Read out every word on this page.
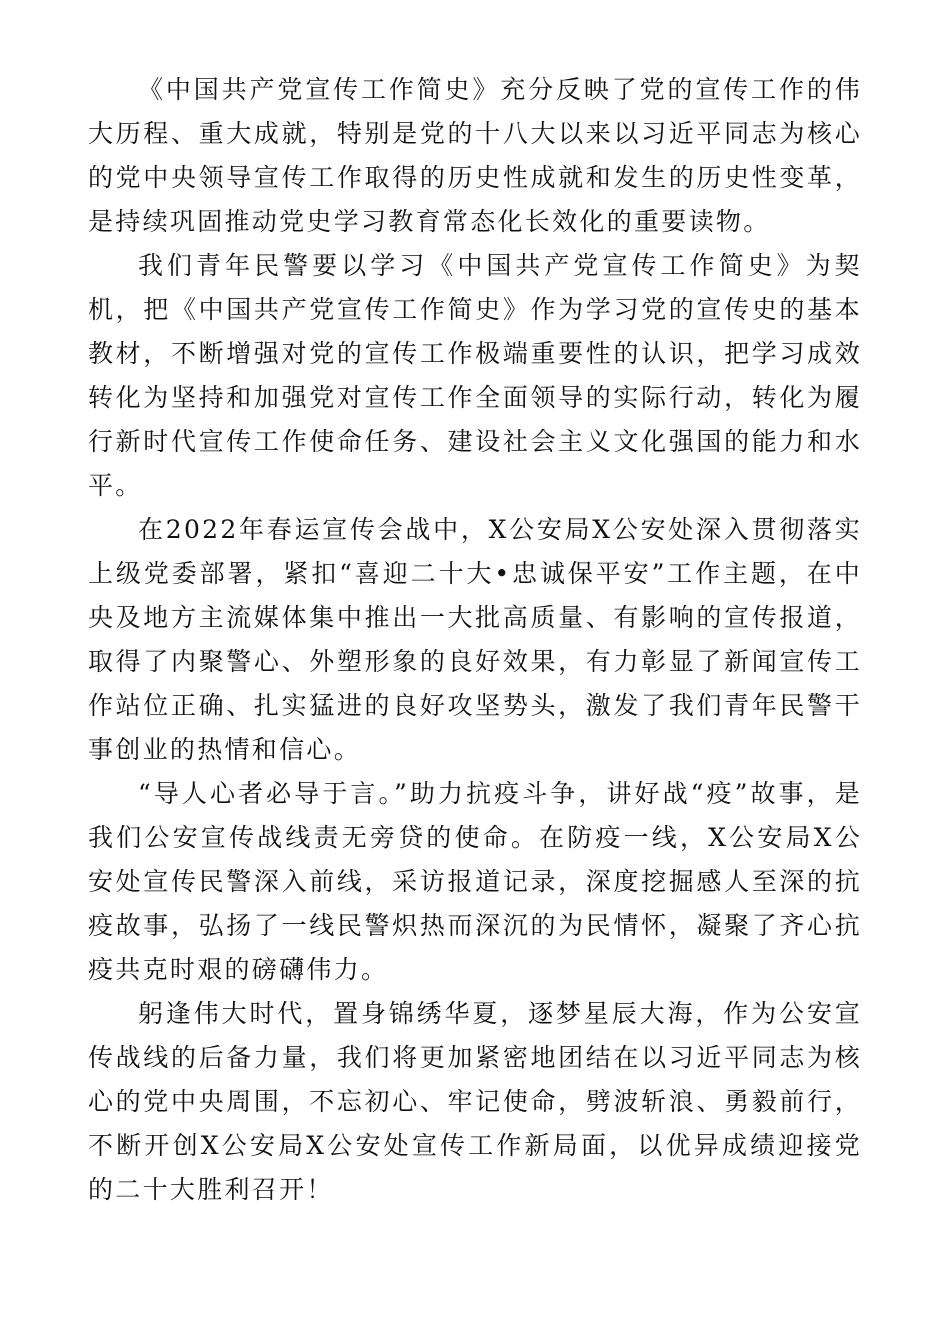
《中国共产党宣传工作简史》充分反映了党的宣传工作的伟大历程、重大成就，特别是党的十八大以来以习近平同志为核心的党中央领导宣传工作取得的历史性成就和发生的历史性变革，是持续巩固推动党史学习教育常态化长效化的重要读物。

我们青年民警要以学习《中国共产党宣传工作简史》为契机，把《中国共产党宣传工作简史》作为学习党的宣传史的基本教材，不断增强对党的宣传工作极端重要性的认识，把学习成效转化为坚持和加强党对宣传工作全面领导的实际行动，转化为履行新时代宣传工作使命任务、建设社会主义文化强国的能力和水平。

在2022年春运宣传会战中，X公安局X公安处深入贯彻落实上级党委部署，紧扣“喜迎二十大•忠诚保平安”工作主题，在中央及地方主流媒体集中推出一大批高质量、有影响的宣传报道，取得了内聚警心、外塑形象的良好效果，有力彰显了新闻宣传工作站位正确、扎实猛进的良好攻坚势头，激发了我们青年民警干事创业的热情和信心。

“导人心者必导于言。”助力抗疫斗争，讲好战“疫”故事，是我们公安宣传战线责无旁贷的使命。在防疫一线，X公安局X公安处宣传民警深入前线，采访报道记录，深度挖掘感人至深的抗疫故事，弘扬了一线民警炽热而深沉的为民情怀，凝聚了齐心抗疫共克时艰的磅礴伟力。

躬逢伟大时代，置身锦绣华夏，逐梦星辰大海，作为公安宣传战线的后备力量，我们将更加紧密地团结在以习近平同志为核心的党中央周围，不忘初心、牢记使命，劈波斩浪、勇毅前行，不断开创X公安局X公安处宣传工作新局面，以优异成绩迎接党的二十大胜利召开！
